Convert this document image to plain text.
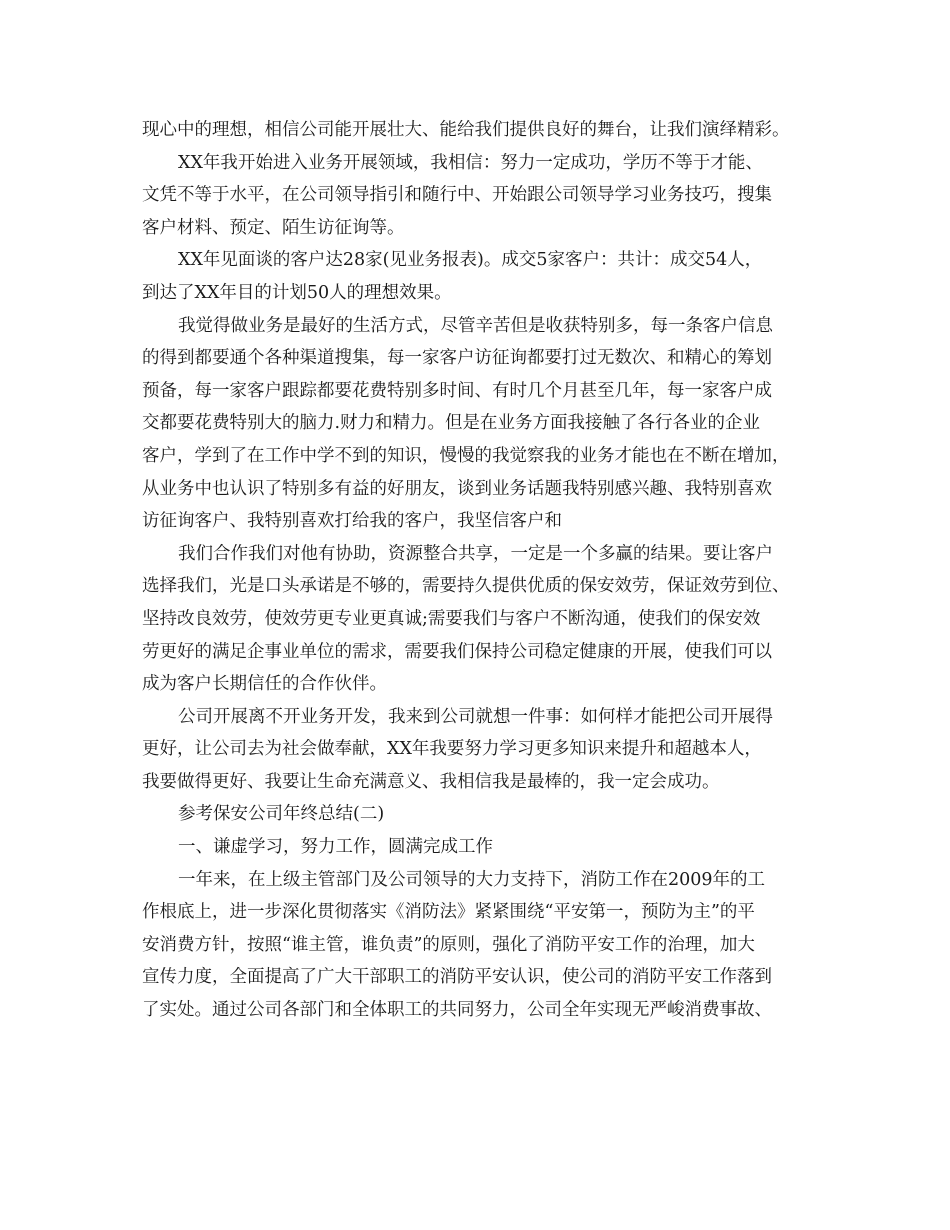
现心中的理想，相信公司能开展壮大、能给我们提供良好的舞台，让我们演绎精彩。
XX年我开始进入业务开展领域，我相信：努力一定成功，学历不等于才能、
文凭不等于水平，在公司领导指引和随行中、开始跟公司领导学习业务技巧，搜集
客户材料、预定、陌生访征询等。
XX年见面谈的客户达28家(见业务报表)。成交5家客户：共计：成交54人，
到达了XX年目的计划50人的理想效果。
我觉得做业务是最好的生活方式，尽管辛苦但是收获特别多，每一条客户信息
的得到都要通个各种渠道搜集，每一家客户访征询都要打过无数次、和精心的筹划
预备，每一家客户跟踪都要花费特别多时间、有时几个月甚至几年，每一家客户成
交都要花费特别大的脑力.财力和精力。但是在业务方面我接触了各行各业的企业
客户，学到了在工作中学不到的知识，慢慢的我觉察我的业务才能也在不断在增加，
从业务中也认识了特别多有益的好朋友，谈到业务话题我特别感兴趣、我特别喜欢
访征询客户、我特别喜欢打给我的客户，我坚信客户和
我们合作我们对他有协助，资源整合共享，一定是一个多赢的结果。要让客户
选择我们，光是口头承诺是不够的，需要持久提供优质的保安效劳，保证效劳到位、
坚持改良效劳，使效劳更专业更真诚;需要我们与客户不断沟通，使我们的保安效
劳更好的满足企事业单位的需求，需要我们保持公司稳定健康的开展，使我们可以
成为客户长期信任的合作伙伴。
公司开展离不开业务开发，我来到公司就想一件事：如何样才能把公司开展得
更好，让公司去为社会做奉献，XX年我要努力学习更多知识来提升和超越本人，
我要做得更好、我要让生命充满意义、我相信我是最棒的，我一定会成功。
参考保安公司年终总结(二)
一、谦虚学习，努力工作，圆满完成工作
一年来，在上级主管部门及公司领导的大力支持下，消防工作在2009年的工
作根底上，进一步深化贯彻落实《消防法》紧紧围绕“平安第一，预防为主”的平
安消费方针，按照“谁主管，谁负责”的原则，强化了消防平安工作的治理，加大
宣传力度，全面提高了广大干部职工的消防平安认识，使公司的消防平安工作落到
了实处。通过公司各部门和全体职工的共同努力，公司全年实现无严峻消费事故、
